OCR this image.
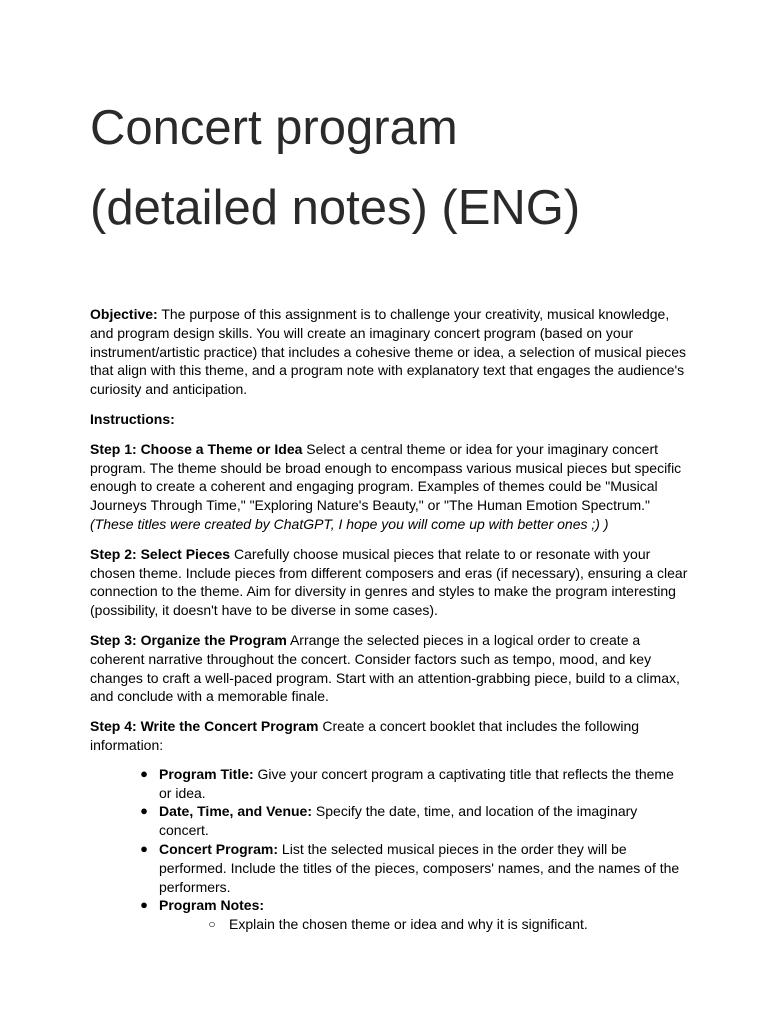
Concert program
(detailed notes) (ENG)

Objective: The purpose of this assignment is to challenge your creativity, musical knowledge, and program design skills. You will create an imaginary concert program (based on your instrument/artistic practice) that includes a cohesive theme or idea, a selection of musical pieces that align with this theme, and a program note with explanatory text that engages the audience's curiosity and anticipation.

Instructions:

Step 1: Choose a Theme or Idea Select a central theme or idea for your imaginary concert program. The theme should be broad enough to encompass various musical pieces but specific enough to create a coherent and engaging program. Examples of themes could be "Musical Journeys Through Time," "Exploring Nature's Beauty," or "The Human Emotion Spectrum." (These titles were created by ChatGPT, I hope you will come up with better ones ;) )

Step 2: Select Pieces Carefully choose musical pieces that relate to or resonate with your chosen theme. Include pieces from different composers and eras (if necessary), ensuring a clear connection to the theme. Aim for diversity in genres and styles to make the program interesting (possibility, it doesn't have to be diverse in some cases).

Step 3: Organize the Program Arrange the selected pieces in a logical order to create a coherent narrative throughout the concert. Consider factors such as tempo, mood, and key changes to craft a well-paced program. Start with an attention-grabbing piece, build to a climax, and conclude with a memorable finale.

Step 4: Write the Concert Program Create a concert booklet that includes the following information:

● Program Title: Give your concert program a captivating title that reflects the theme or idea.
● Date, Time, and Venue: Specify the date, time, and location of the imaginary concert.
● Concert Program: List the selected musical pieces in the order they will be performed. Include the titles of the pieces, composers' names, and the names of the performers.
● Program Notes:
○ Explain the chosen theme or idea and why it is significant.
